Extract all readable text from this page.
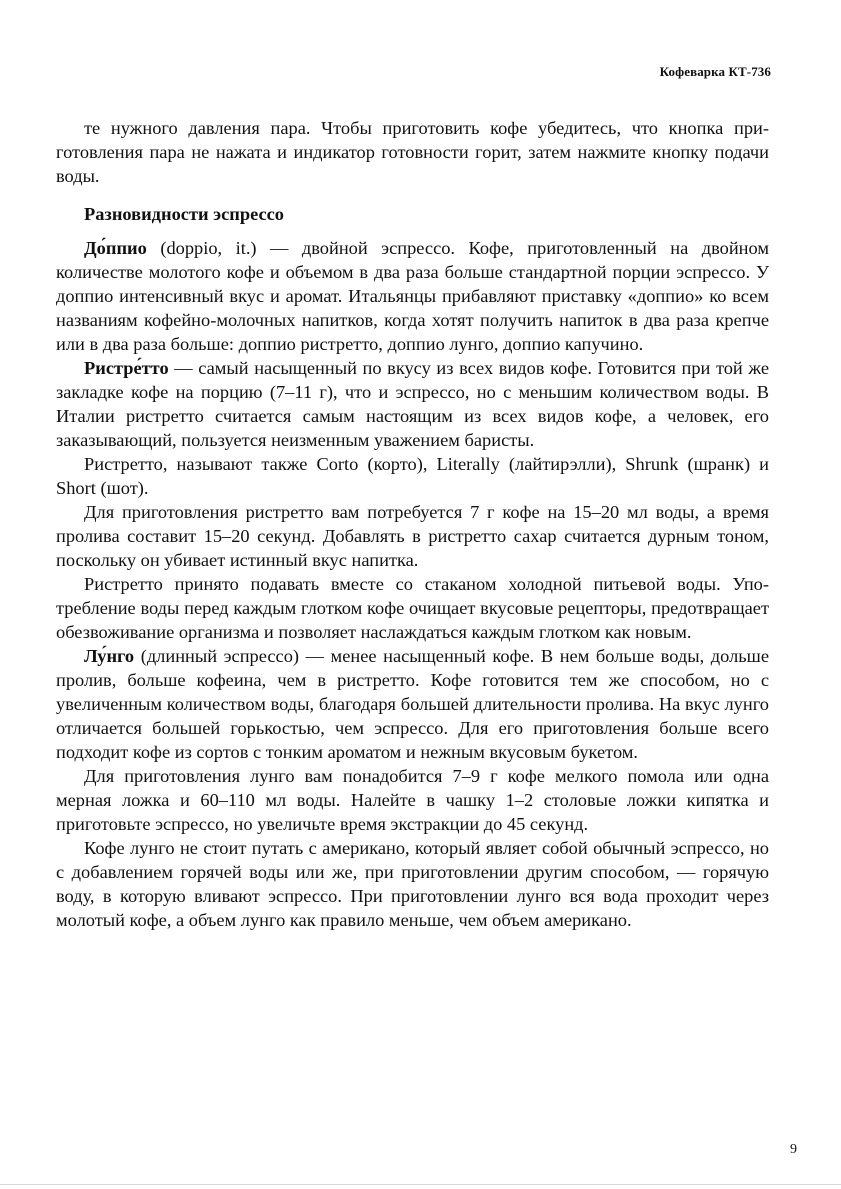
Кофеварка КТ-736

те нужного давления пара. Чтобы приготовить кофе убедитесь, что кнопка приготовления пара не нажата и индикатор готовности горит, затем нажмите кнопку подачи воды.

Разновидности эспрессо

До́ппио (doppio, it.) — двойной эспрессо. Кофе, приготовленный на двойном количестве молотого кофе и объемом в два раза больше стандартной порции эспрессо. У доппио интенсивный вкус и аромат. Итальянцы прибавляют приставку «доппио» ко всем названиям кофейно-молочных напитков, когда хотят получить напиток в два раза крепче или в два раза больше: доппио ристретто, доппио лунго, доппио капучино.

Ристре́тто — самый насыщенный по вкусу из всех видов кофе. Готовится при той же закладке кофе на порцию (7–11 г), что и эспрессо, но с меньшим количеством воды. В Италии ристретто считается самым настоящим из всех видов кофе, а человек, его заказывающий, пользуется неизменным уважением баристы.

Ристретто, называют также Corto (корто), Literally (лайтирэлли), Shrunk (шранк) и Short (шот).

Для приготовления ристретто вам потребуется 7 г кофе на 15–20 мл воды, а время пролива составит 15–20 секунд. Добавлять в ристретто сахар считается дурным тоном, поскольку он убивает истинный вкус напитка.

Ристретто принято подавать вместе со стаканом холодной питьевой воды. Употребление воды перед каждым глотком кофе очищает вкусовые рецепторы, предотвращает обезвоживание организма и позволяет наслаждаться каждым глотком как новым.

Лу́нго (длинный эспрессо) — менее насыщенный кофе. В нем больше воды, дольше пролив, больше кофеина, чем в ристретто. Кофе готовится тем же способом, но с увеличенным количеством воды, благодаря большей длительности пролива. На вкус лунго отличается большей горькостью, чем эспрессо. Для его приготовления больше всего подходит кофе из сортов с тонким ароматом и нежным вкусовым букетом.

Для приготовления лунго вам понадобится 7–9 г кофе мелкого помола или одна мерная ложка и 60–110 мл воды. Налейте в чашку 1–2 столовые ложки кипятка и приготовьте эспрессо, но увеличьте время экстракции до 45 секунд.

Кофе лунго не стоит путать с американо, который являет собой обычный эспрессо, но с добавлением горячей воды или же, при приготовлении другим способом, — горячую воду, в которую вливают эспрессо. При приготовлении лунго вся вода проходит через молотый кофе, а объем лунго как правило меньше, чем объем американо.

9
